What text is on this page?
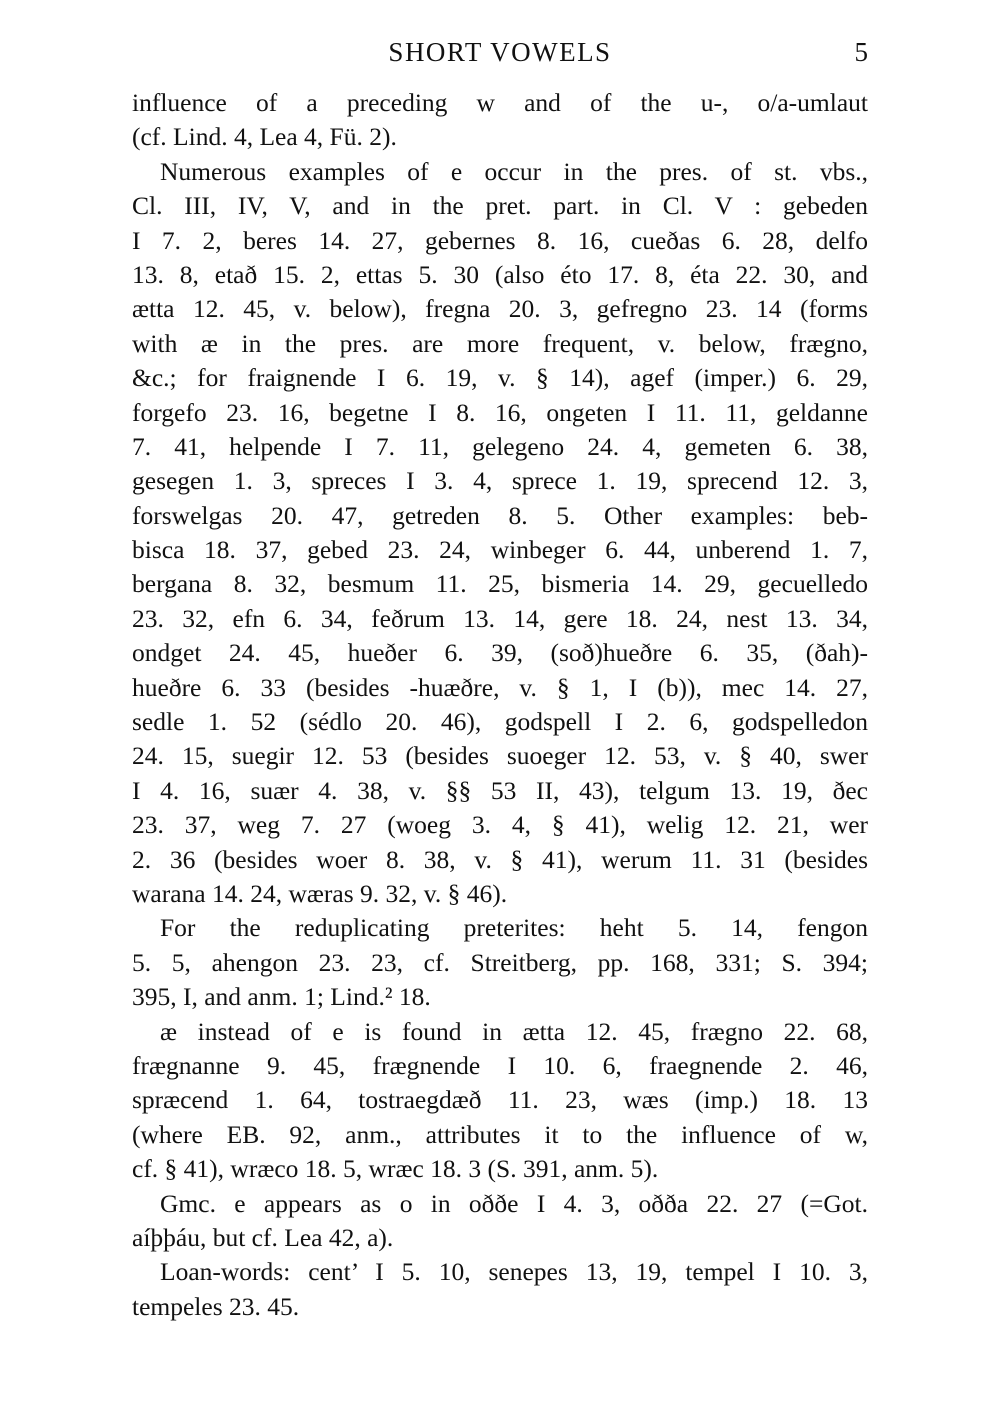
SHORT VOWELS	5

influence of a preceding w and of the u-, o/a-umlaut
(cf. Lind. 4, Lea 4, Fü. 2).

Numerous examples of e occur in the pres. of st. vbs.,
Cl. III, IV, V, and in the pret. part. in Cl. V : gebeden
I 7. 2, beres 14. 27, gebernes 8. 16, cueðas 6. 28, delfo
13. 8, etað 15. 2, ettas 5. 30 (also éto 17. 8, éta 22. 30, and
ætta 12. 45, v. below), fregna 20. 3, gefregno 23. 14 (forms
with æ in the pres. are more frequent, v. below, frægno,
&c.; for fraignende I 6. 19, v. § 14), agef (imper.) 6. 29,
forgefo 23. 16, begetne I 8. 16, ongeten I 11. 11, geldanne
7. 41, helpende I 7. 11, gelegeno 24. 4, gemeten 6. 38,
gesegen 1. 3, spreces I 3. 4, sprece 1. 19, sprecend 12. 3,
forswelgas 20. 47, getreden 8. 5. Other examples: beb-
bisca 18. 37, gebed 23. 24, winbeger 6. 44, unberend 1. 7,
bergana 8. 32, besmum 11. 25, bismeria 14. 29, gecuelledo
23. 32, efn 6. 34, feðrum 13. 14, gere 18. 24, nest 13. 34,
ondget 24. 45, hueðer 6. 39, (soð)hueðre 6. 35, (ðah)-
hueðre 6. 33 (besides -huæðre, v. § 1, I (b)), mec 14. 27,
sedle 1. 52 (sédlo 20. 46), godspell I 2. 6, godspelledon
24. 15, suegir 12. 53 (besides suoeger 12. 53, v. § 40, swer
I 4. 16, suær 4. 38, v. §§ 53 II, 43), telgum 13. 19, ðec
23. 37, weg 7. 27 (woeg 3. 4, § 41), welig 12. 21, wer
2. 36 (besides woer 8. 38, v. § 41), werum 11. 31 (besides
warana 14. 24, wæras 9. 32, v. § 46).

For the reduplicating preterites: heht 5. 14, fengon
5. 5, ahengon 23. 23, cf. Streitberg, pp. 168, 331; S. 394;
395, I, and anm. 1; Lind.² 18.

æ instead of e is found in ætta 12. 45, frægno 22. 68,
frægnanne 9. 45, frægnende I 10. 6, fraegnende 2. 46,
spræcend 1. 64, tostraegdæð 11. 23, wæs (imp.) 18. 13
(where EB. 92, anm., attributes it to the influence of w,
cf. § 41), wræco 18. 5, wræc 18. 3 (S. 391, anm. 5).

Gmc. e appears as o in oððe I 4. 3, oðða 22. 27 (=Got.
aíþþáu, but cf. Lea 42, a).

Loan-words: cent’ I 5. 10, senepes 13, 19, tempel I 10. 3,
tempeles 23. 45.
